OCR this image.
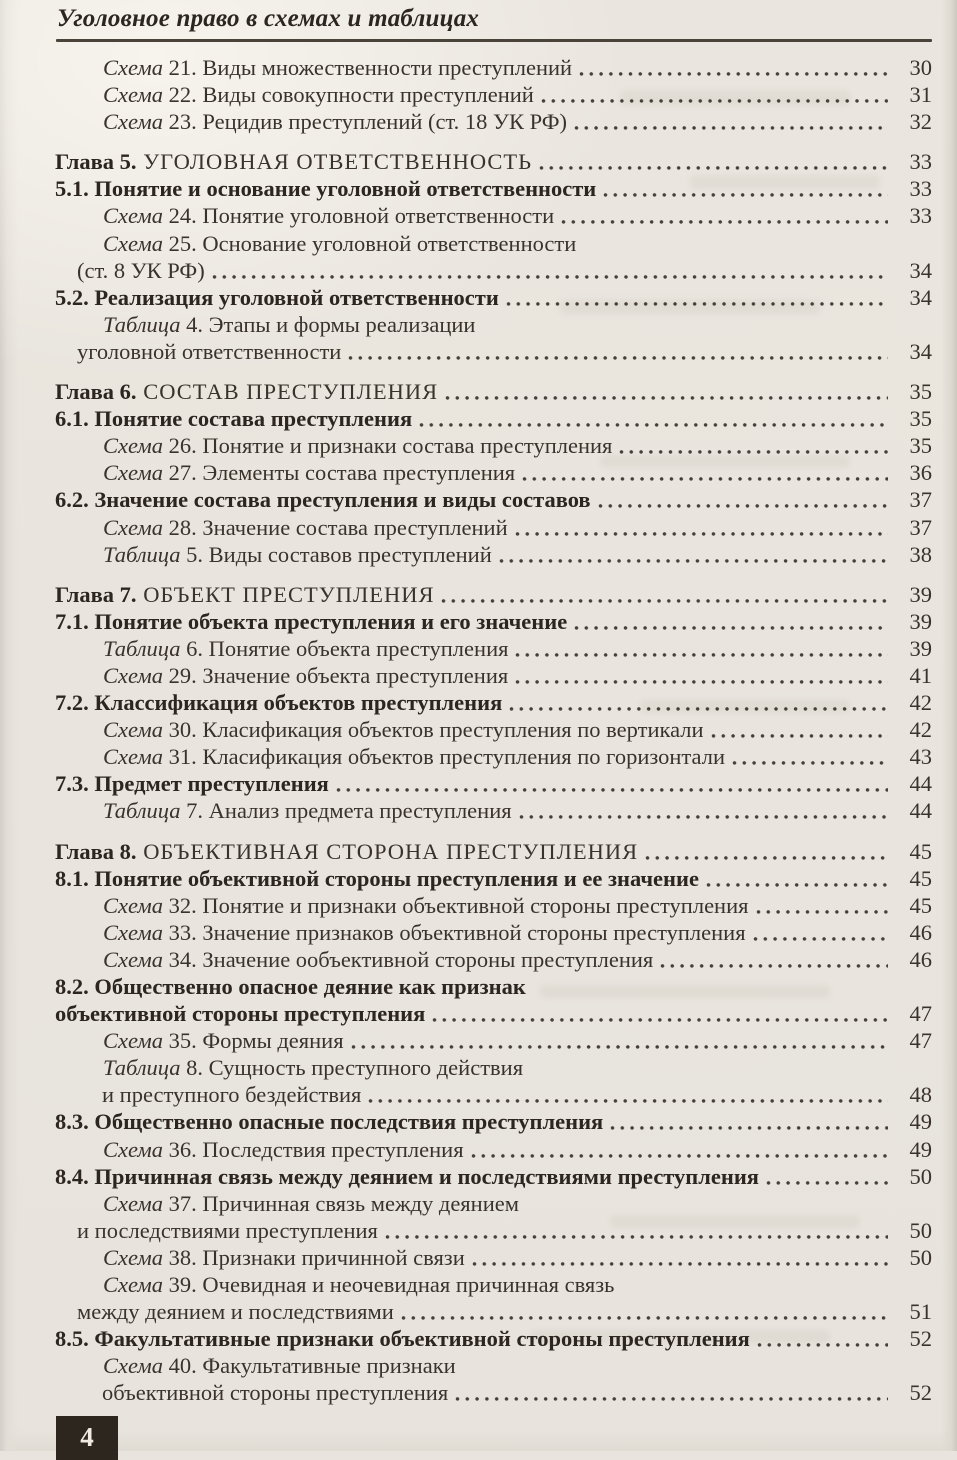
Уголовное право в схемах и таблицах
Схема 21. Виды множественности преступлений	30
Схема 22. Виды совокупности преступлений	31
Схема 23. Рецидив преступлений (ст. 18 УК РФ)	32
Глава 5. УГОЛОВНАЯ ОТВЕТСТВЕННОСТЬ	33
5.1. Понятие и основание уголовной ответственности	33
Схема 24. Понятие уголовной ответственности	33
Схема 25. Основание уголовной ответственности
(ст. 8 УК РФ)	34
5.2. Реализация уголовной ответственности	34
Таблица 4. Этапы и формы реализации
уголовной ответственности	34
Глава 6. СОСТАВ ПРЕСТУПЛЕНИЯ	35
6.1. Понятие состава преступления	35
Схема 26. Понятие и признаки состава преступления	35
Схема 27. Элементы состава преступления	36
6.2. Значение состава преступления и виды составов	37
Схема 28. Значение состава преступлений	37
Таблица 5. Виды составов преступлений	38
Глава 7. ОБЪЕКТ ПРЕСТУПЛЕНИЯ	39
7.1. Понятие объекта преступления и его значение	39
Таблица 6. Понятие объекта преступления	39
Схема 29. Значение объекта преступления	41
7.2. Классификация объектов преступления	42
Схема 30. Класификация объектов преступления по вертикали	42
Схема 31. Класификация объектов преступления по горизонтали	43
7.3. Предмет преступления	44
Таблица 7. Анализ предмета преступления	44
Глава 8. ОБЪЕКТИВНАЯ СТОРОНА ПРЕСТУПЛЕНИЯ	45
8.1. Понятие объективной стороны преступления и ее значение	45
Схема 32. Понятие и признаки объективной стороны преступления	45
Схема 33. Значение признаков объективной стороны преступления	46
Схема 34. Значение ообъективной стороны преступления	46
8.2. Общественно опасное деяние как признак
объективной стороны преступления	47
Схема 35. Формы деяния	47
Таблица 8. Сущность преступного действия
и преступного бездействия	48
8.3. Общественно опасные последствия преступления	49
Схема 36. Последствия преступления	49
8.4. Причинная связь между деянием и последствиями преступления	50
Схема 37. Причинная связь между деянием
и последствиями преступления	50
Схема 38. Признаки причинной связи	50
Схема 39. Очевидная и неочевидная причинная связь
между деянием и последствиями	51
8.5. Факультативные признаки объективной стороны преступления	52
Схема 40. Факультативные признаки
объективной стороны преступления	52
4
